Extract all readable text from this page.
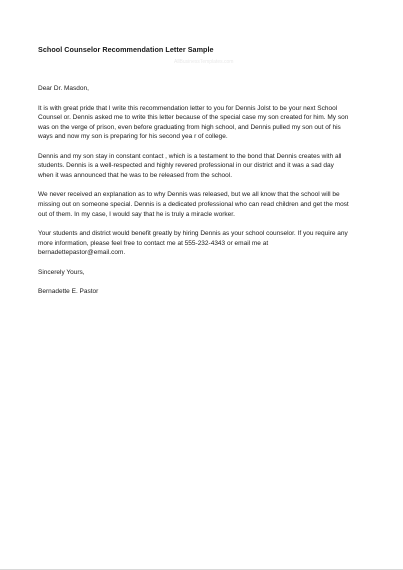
School Counselor Recommendation Letter Sample
AllBusinessTemplates.com
Dear Dr. Masdon,
It is with great pride that I write this recommendation letter to you for Dennis Jolst to be your next School
Counsel or. Dennis asked me to write this letter because of the special case my son created for him. My son
was on the verge of prison, even before graduating from high school, and Dennis pulled my son out of his
ways and now my son is preparing for his second yea r of college.
Dennis and my son stay in constant contact , which is a testament to the bond that Dennis creates with all
students. Dennis is a well-respected and highly revered professional in our district and it was a sad day
when it was announced that he was to be released from the school.
We never received an explanation as to why Dennis was released, but we all know that the school will be
missing out on someone special. Dennis is a dedicated professional who can read children and get the most
out of them. In my case, I would say that he is truly a miracle worker.
Your students and district would benefit greatly by hiring Dennis as your school counselor. If you require any
more information, please feel free to contact me at 555-232-4343 or email me at
bernadettepastor@email.com.
Sincerely Yours,
Bernadette E. Pastor
